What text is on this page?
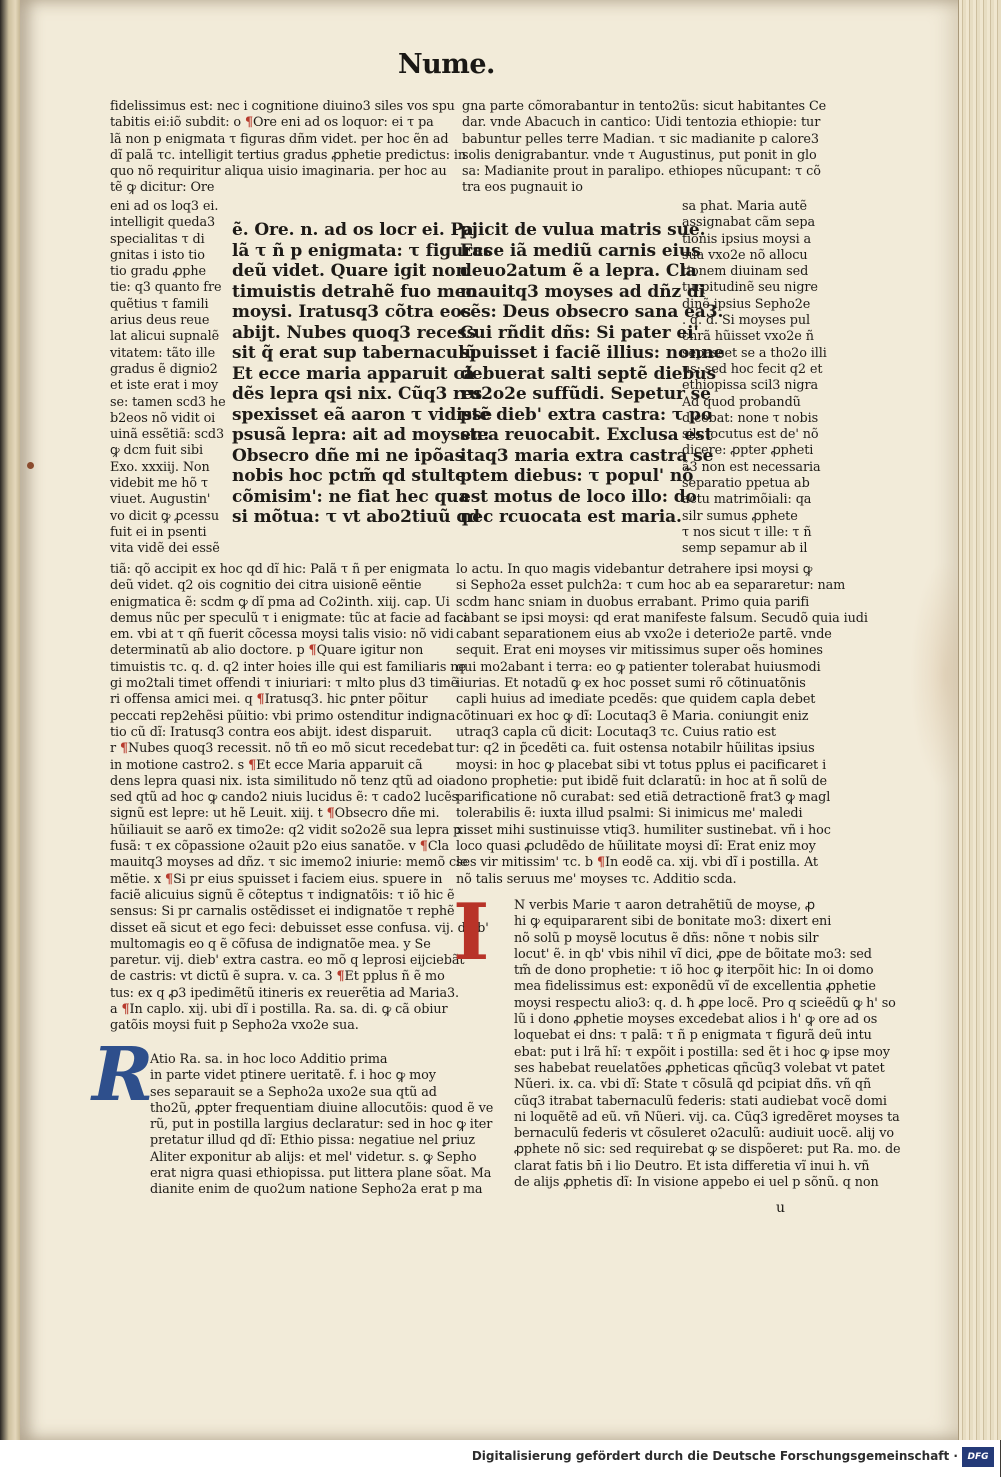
Nume.
fidelissimus est: nec i cognitione diuino3 siles vos spu
tabitis ei:iõ subdit: o ¶Ore eni ad os loquor: ei τ pa
lã non p enigmata τ figuras dñm videt. per hoc ẽn ad
dĩ palã τc. intelligit tertius gradus ꝓphetie predictus: in
quo nõ requiritur aliqua uisio imaginaria. per hoc au
tẽ ꝙ dicitur: Ore
gna parte cõmorabantur in tento2ũs: sicut habitantes Ce
dar. vnde Abacuch in cantico: Uidi tentozia ethiopie: tur
babuntur pelles terre Madian. τ sic madianite p calore3
solis denigrabantur. vnde τ Augustinus, put ponit in glo
sa: Madianite prout in paralipo. ethiopes nũcupant: τ cõ
tra eos pugnauit io
eni ad os loq3 ei.
intelligit queda3
specialitas τ di
gnitas i isto tio
tio gradu ꝓphe
tie: q3 quanto fre
quẽtius τ famili
arius deus reue
lat alicui supnalẽ
vitatem: tãto ille
gradus ẽ dignio2
et iste erat i moy
se: tamen scd3 he
b2eos nõ vidit oi
uinã essẽtiã: scd3
ꝙ dcm fuit sibi
Exo. xxxiij. Non
videbit me hõ τ
viuet. Augustin'
vo dicit ꝙ ꝓcessu
fuit ei in psenti
vita vidẽ dei essẽ
ẽ. Ore. n. ad os locr ei. Pa
lã τ ñ p enigmata: τ figuras
deũ videt. Quare igit non
timuistis detrahẽ fuo meo
moysi. Iratusq3 cõtra eos
abijt. Nubes quoq3 recess
sit q̃ erat sup tabernaculũ
Et ecce maria apparuit cã
dẽs lepra qsi nix. Cũq3 res
spexisset eã aaron τ vidisse
psusã lepra: ait ad moysen:
Obsecro dñe mi ne ipõas
nobis hoc pctm̃ qd stulte
cõmisim': ne fiat hec qua
si mõtua: τ vt abo2tiuũ qd
pjicit de vulua matris sue.
Ecce iã mediũ carnis eius
deuo2atum ẽ a lepra. Cla
mauitq3 moyses ad dñz di
cẽs: Deus obsecro sana ea3.
Cui rñdit dñs: Si pater ei'
spuisset i faciẽ illius: nonne
debuerat salti septẽ diebus
ru2o2e suffũdi. Sepetur se
ptẽ dieb' extra castra: τ po
stea reuocabit. Exclusa est
itaq3 maria extra castra se
ptem diebus: τ popul' nõ
est motus de loco illo: do
nec rcuocata est maria.
sa phat. Maria autẽ
assignabat cãm sepa
tionis ipsius moysi a
sua vxo2e nõ allocu
tionem diuinam sed
turpitudinẽ seu nigre
dinẽ ipsius Sepho2e
. q. d. Si moyses pul
chrã hũisset vxo2e ñ
sepasset se a tho2o illi
us: sed hoc fecit q2 et
ethiopissa scil3 nigra
Ad quod probandũ
dicebat: none τ nobis
silr locutus est de' nõ
dicere: ꝓpter ꝓpheti
ã3 non est necessaria
separatio ppetua ab
actu matrimõiali: qa
silr sumus ꝓphete
τ nos sicut τ ille: τ ñ
semp sepamur ab il
tiã: qõ accipit ex hoc qd dĩ hic: Palã τ ñ per enigmata
deũ videt. q2 ois cognitio dei citra uisionẽ eẽntie
enigmatica ẽ: scdm ꝙ dĩ pma ad Co2inth. xiij. cap. Ui
demus nũc per speculũ τ i enigmate: tũc at facie ad faci
em. vbi at τ qñ fuerit cõcessa moysi talis visio: nõ vidi
determinatũ ab alio doctore. p ¶Quare igitur non
timuistis τc. q. d. q2 inter hoies ille qui est familiaris ne
gi mo2tali timet offendi τ iniuriari: τ mlto plus d3 timẽ
ri offensa amici mei. q ¶Iratusq3. hic ꝑnter põitur
peccati rep2ehẽsi pũitio: vbi primo ostenditur indigna
tio cũ dĩ: Iratusq3 contra eos abijt. idest disparuit.
r ¶Nubes quoq3 recessit. nõ tñ eo mõ sicut recedebat
in motione castro2. s ¶Et ecce Maria apparuit cã
dens lepra quasi nix. ista similitudo nõ tenz qtũ ad oia
sed qtũ ad hoc ꝙ cando2 niuis lucidus ẽ: τ cado2 lucẽs
signũ est lepre: ut hẽ Leuit. xiij. t ¶Obsecro dñe mi.
hũiliauit se aarõ ex timo2e: q2 vidit so2o2ẽ sua lepra p
fusã: τ ex cõpassione o2auit p2o eius sanatõe. v ¶Cla
mauitq3 moyses ad dñz. τ sic imemo2 iniurie: memõ cle
mẽtie. x ¶Si pr eius spuisset i faciem eius. spuere in
faciẽ alicuius signũ ẽ cõteptus τ indignatõis: τ iõ hic ẽ
sensus: Si pr carnalis ostẽdisset ei indignatõe τ rephẽ
disset eã sicut et ego feci: debuisset esse confusa. vij. dieb'
multomagis eo q ẽ cõfusa de indignatõe mea. y Se
paretur. vij. dieb' extra castra. eo mõ q leprosi eijciebãt
de castris: vt dictũ ẽ supra. v. ca. 3 ¶Et pplus ñ ẽ mo
tus: ex q ꝓ3 ipedimẽtũ itineris ex reuerẽtia ad Maria3.
a ¶In caplo. xij. ubi dĩ i postilla. Ra. sa. di. ꝙ cã obiur
gatõis moysi fuit p Sepho2a vxo2e sua.
Atio Ra. sa. in hoc loco Additio prima
in parte videt ptinere ueritatẽ. f. i hoc ꝙ moy
ses separauit se a Sepho2a uxo2e sua qtũ ad
tho2ũ, ꝓpter frequentiam diuine allocutõis: quod ẽ ve
rũ, put in postilla largius declaratur: sed in hoc ꝙ iter
pretatur illud qd dĩ: Ethio pissa: negatiue nel ꝑriuz
Aliter exponitur ab alijs: et mel' videtur. s. ꝙ Sepho
erat nigra quasi ethiopissa. put littera plane sõat. Ma
dianite enim de quo2um natione Sepho2a erat p ma
lo actu. In quo magis videbantur detrahere ipsi moysi ꝙ
si Sepho2a esset pulch2a: τ cum hoc ab ea separaretur: nam
scdm hanc sniam in duobus errabant. Primo quia parifi
cabant se ipsi moysi: qd erat manifeste falsum. Secudõ quia iudi
cabant separationem eius ab vxo2e i deterio2e partẽ. vnde
sequit. Erat eni moyses vir mitissimus super oẽs homines
qui mo2abant i terra: eo ꝙ patienter tolerabat huiusmodi
iiurias. Et notadũ ꝙ ex hoc posset sumi rõ cõtinuatõnis
capli huius ad imediate pcedẽs: que quidem capla debet
cõtinuari ex hoc ꝙ dĩ: Locutaq3 ẽ Maria. coniungit eniz
utraq3 capla cũ dicit: Locutaq3 τc. Cuius ratio est
tur: q2 in p̃cedẽti ca. fuit ostensa notabilr hũilitas ipsius
moysi: in hoc ꝙ placebat sibi vt totus pplus ei pacificaret i
dono prophetie: put ibidẽ fuit dclaratũ: in hoc at ñ solũ de
parificatione nõ curabat: sed etiã detractionẽ frat3 ꝙ magl
tolerabilis ẽ: iuxta illud psalmi: Si inimicus me' maledi
xisset mihi sustinuisse vtiq3. humiliter sustinebat. vñ i hoc
loco quasi ꝓcludẽdo de hũilitate moysi dĩ: Erat eniz moy
ses vir mitissim' τc. b ¶In eodẽ ca. xij. vbi dĩ i postilla. At
nõ talis seruus me' moyses τc. Additio scda.
N verbis Marie τ aaron detrahẽtiũ de moyse, ꝓ
hi ꝙ equipararent sibi de bonitate mo3: dixert eni
nõ solũ p moysẽ locutus ẽ dñs: nõne τ nobis silr
locut' ẽ. in qb' vbis nihil vĩ dici, ꝓpe de bõitate mo3: sed
tm̃ de dono prophetie: τ iõ hoc ꝙ iterpõit hic: In oi domo
mea fidelissimus est: exponẽdũ vĩ de excellentia ꝓphetie
moysi respectu alio3: q. d. ħ ꝓpe locẽ. Pro q scieẽdũ ꝙ h' so
lũ i dono ꝓphetie moyses excedebat alios i h' ꝙ ore ad os
loquebat ei dns: τ palã: τ ñ p enigmata τ figurã deũ intu
ebat: put i lrã hĩ: τ expõit i postilla: sed ẽt i hoc ꝙ ipse moy
ses habebat reuelatões ꝓpheticas qñcũq3 volebat vt patet
Nũeri. ix. ca. vbi dĩ: State τ cõsulã qd pcipiat dñs. vñ qñ
cũq3 itrabat tabernaculũ federis: stati audiebat vocẽ domi
ni loquẽtẽ ad eũ. vñ Nũeri. vij. ca. Cũq3 igredẽret moyses ta
bernaculũ federis vt cõsuleret o2aculũ: audiuit uocẽ. alij vo
ꝓphete nõ sic: sed requirebat ꝙ se dispõeret: put Ra. mo. de
clarat fatis bn̄ i lio Deutro. Et ista differetia vĩ inui h. vñ
de alijs ꝓphetis dĩ: In visione appebo ei uel p sõnũ. q non
I
R
u
Digitalisierung gefördert durch die Deutsche Forschungsgemeinschaft ·	DFG
